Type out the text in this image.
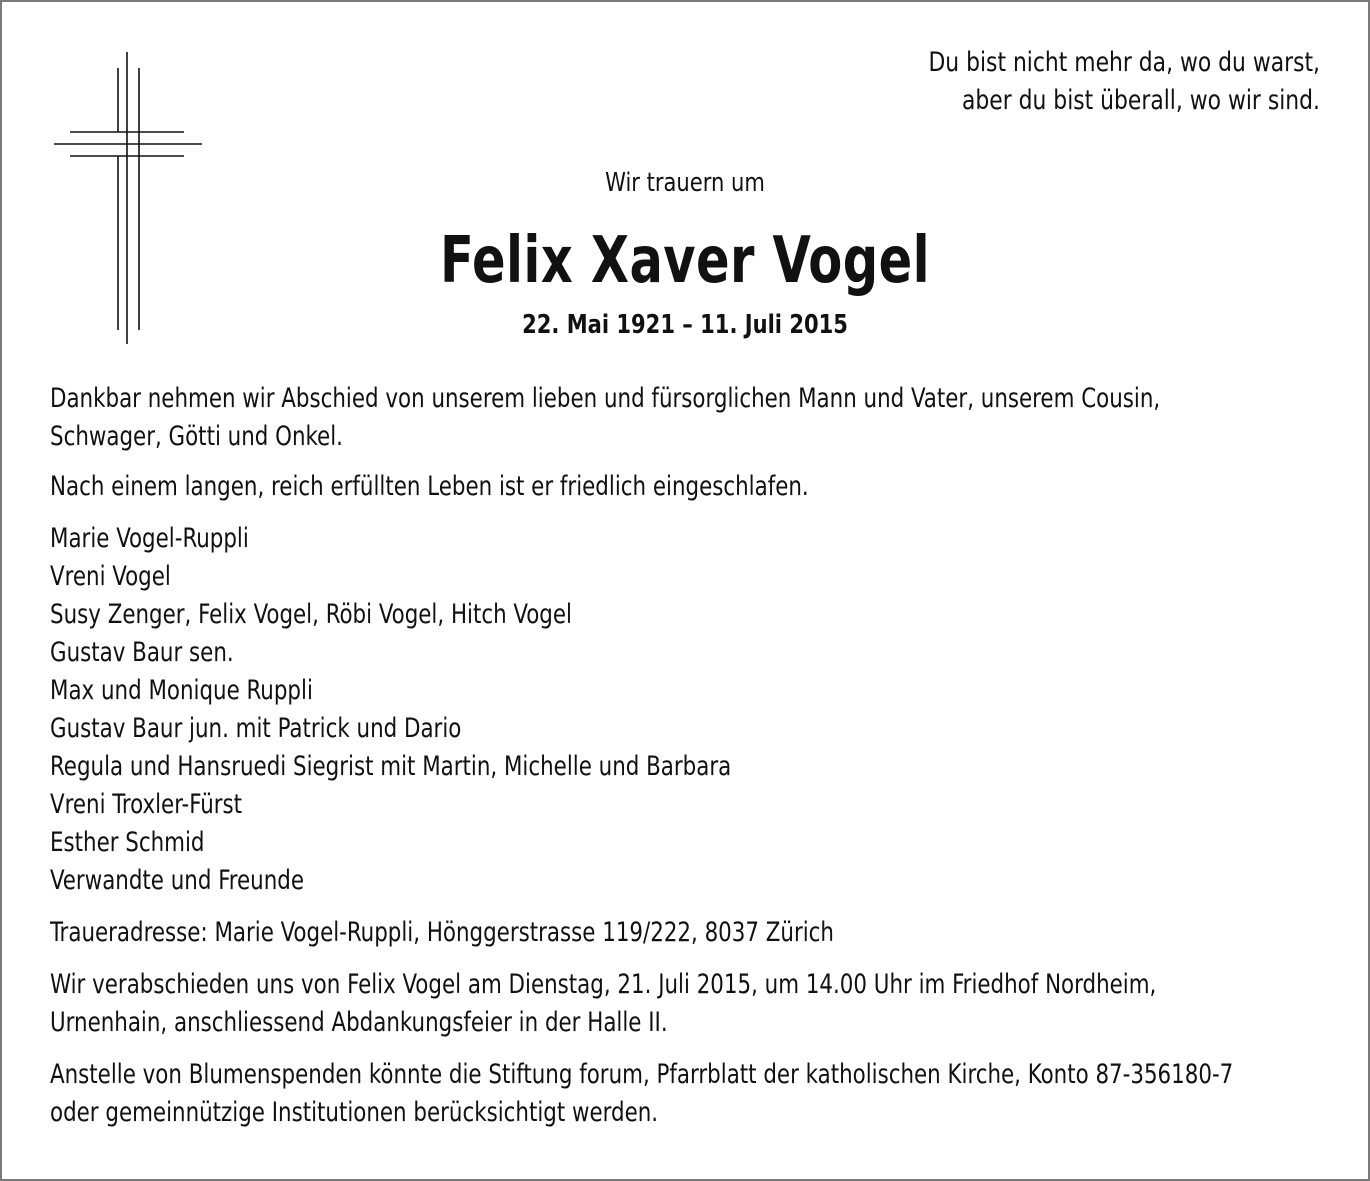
Du bist nicht mehr da, wo du warst,
aber du bist überall, wo wir sind.
Wir trauern um
Felix Xaver Vogel
22. Mai 1921 – 11. Juli 2015

Dankbar nehmen wir Abschied von unserem lieben und fürsorglichen Mann und Vater, unserem Cousin,

Schwager, Götti und Onkel.

Nach einem langen, reich erfüllten Leben ist er friedlich eingeschlafen.

Marie Vogel-Ruppli

Vreni Vogel

Susy Zenger, Felix Vogel, Röbi Vogel, Hitch Vogel

Gustav Baur sen.

Max und Monique Ruppli

Gustav Baur jun. mit Patrick und Dario

Regula und Hansruedi Siegrist mit Martin, Michelle und Barbara

Vreni Troxler-Fürst

Esther Schmid

Verwandte und Freunde

Traueradresse: Marie Vogel-Ruppli, Hönggerstrasse 119/222, 8037 Zürich

Wir verabschieden uns von Felix Vogel am Dienstag, 21. Juli 2015, um 14.00 Uhr im Friedhof Nordheim,

Urnenhain, anschliessend Abdankungsfeier in der Halle II.

Anstelle von Blumenspenden könnte die Stiftung forum, Pfarrblatt der katholischen Kirche, Konto 87-356180-7

oder gemeinnützige Institutionen berücksichtigt werden.
